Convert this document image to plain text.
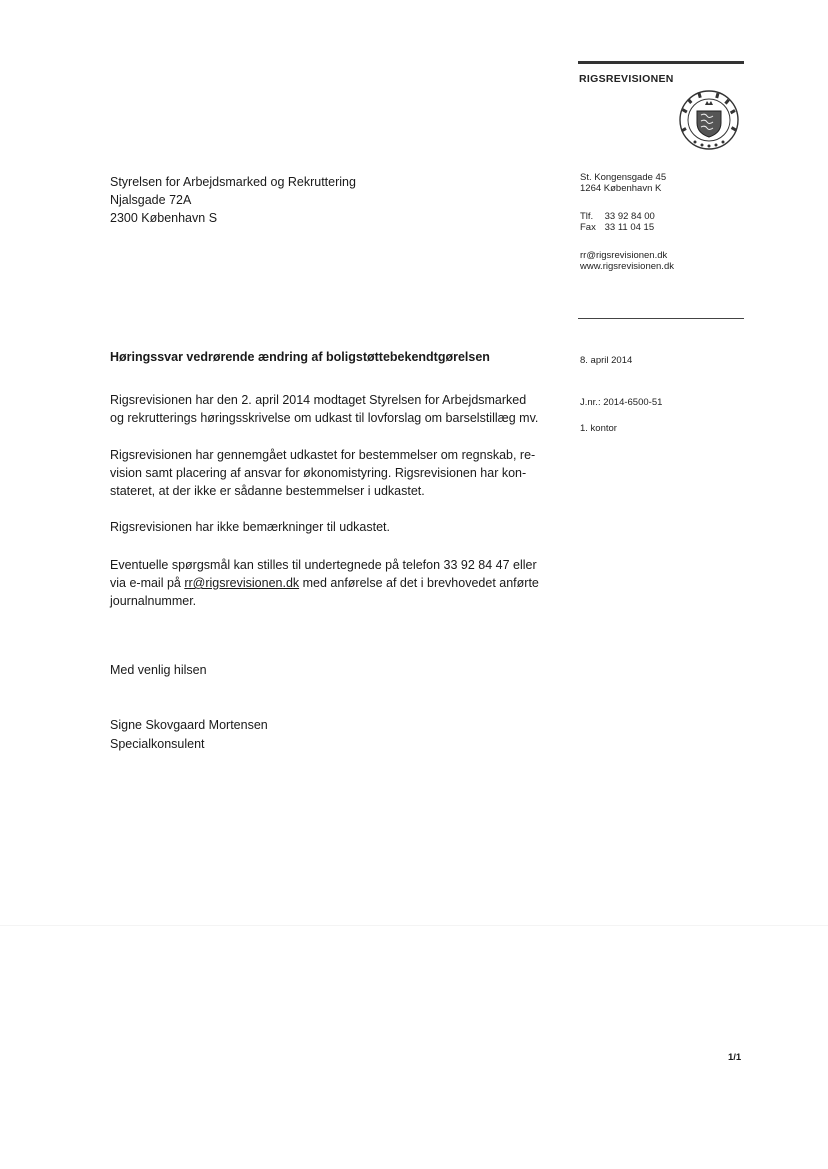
RIGSREVISIONEN
St. Kongensgade 45
1264 København K
Tlf. 33 92 84 00
Fax 33 11 04 15
rr@rigsrevisionen.dk
www.rigsrevisionen.dk
8. april 2014
J.nr.: 2014-6500-51
1. kontor
Styrelsen for Arbejdsmarked og Rekruttering
Njalsgade 72A
2300 København S
Høringssvar vedrørende ændring af boligstøttebekendtgørelsen

Rigsrevisionen har den 2. april 2014 modtaget Styrelsen for Arbejdsmarked

og rekrutterings høringsskrivelse om udkast til lovforslag om barselstillæg mv.

Rigsrevisionen har gennemgået udkastet for bestemmelser om regnskab, re-

vision samt placering af ansvar for økonomistyring. Rigsrevisionen har kon-

stateret, at der ikke er sådanne bestemmelser i udkastet.

Rigsrevisionen har ikke bemærkninger til udkastet.

Eventuelle spørgsmål kan stilles til undertegnede på telefon 33 92 84 47 eller

via e-mail på rr@rigsrevisionen.dk med anførelse af det i brevhovedet anførte

journalnummer.

Med venlig hilsen
Signe Skovgaard Mortensen
Specialkonsulent
1/1
